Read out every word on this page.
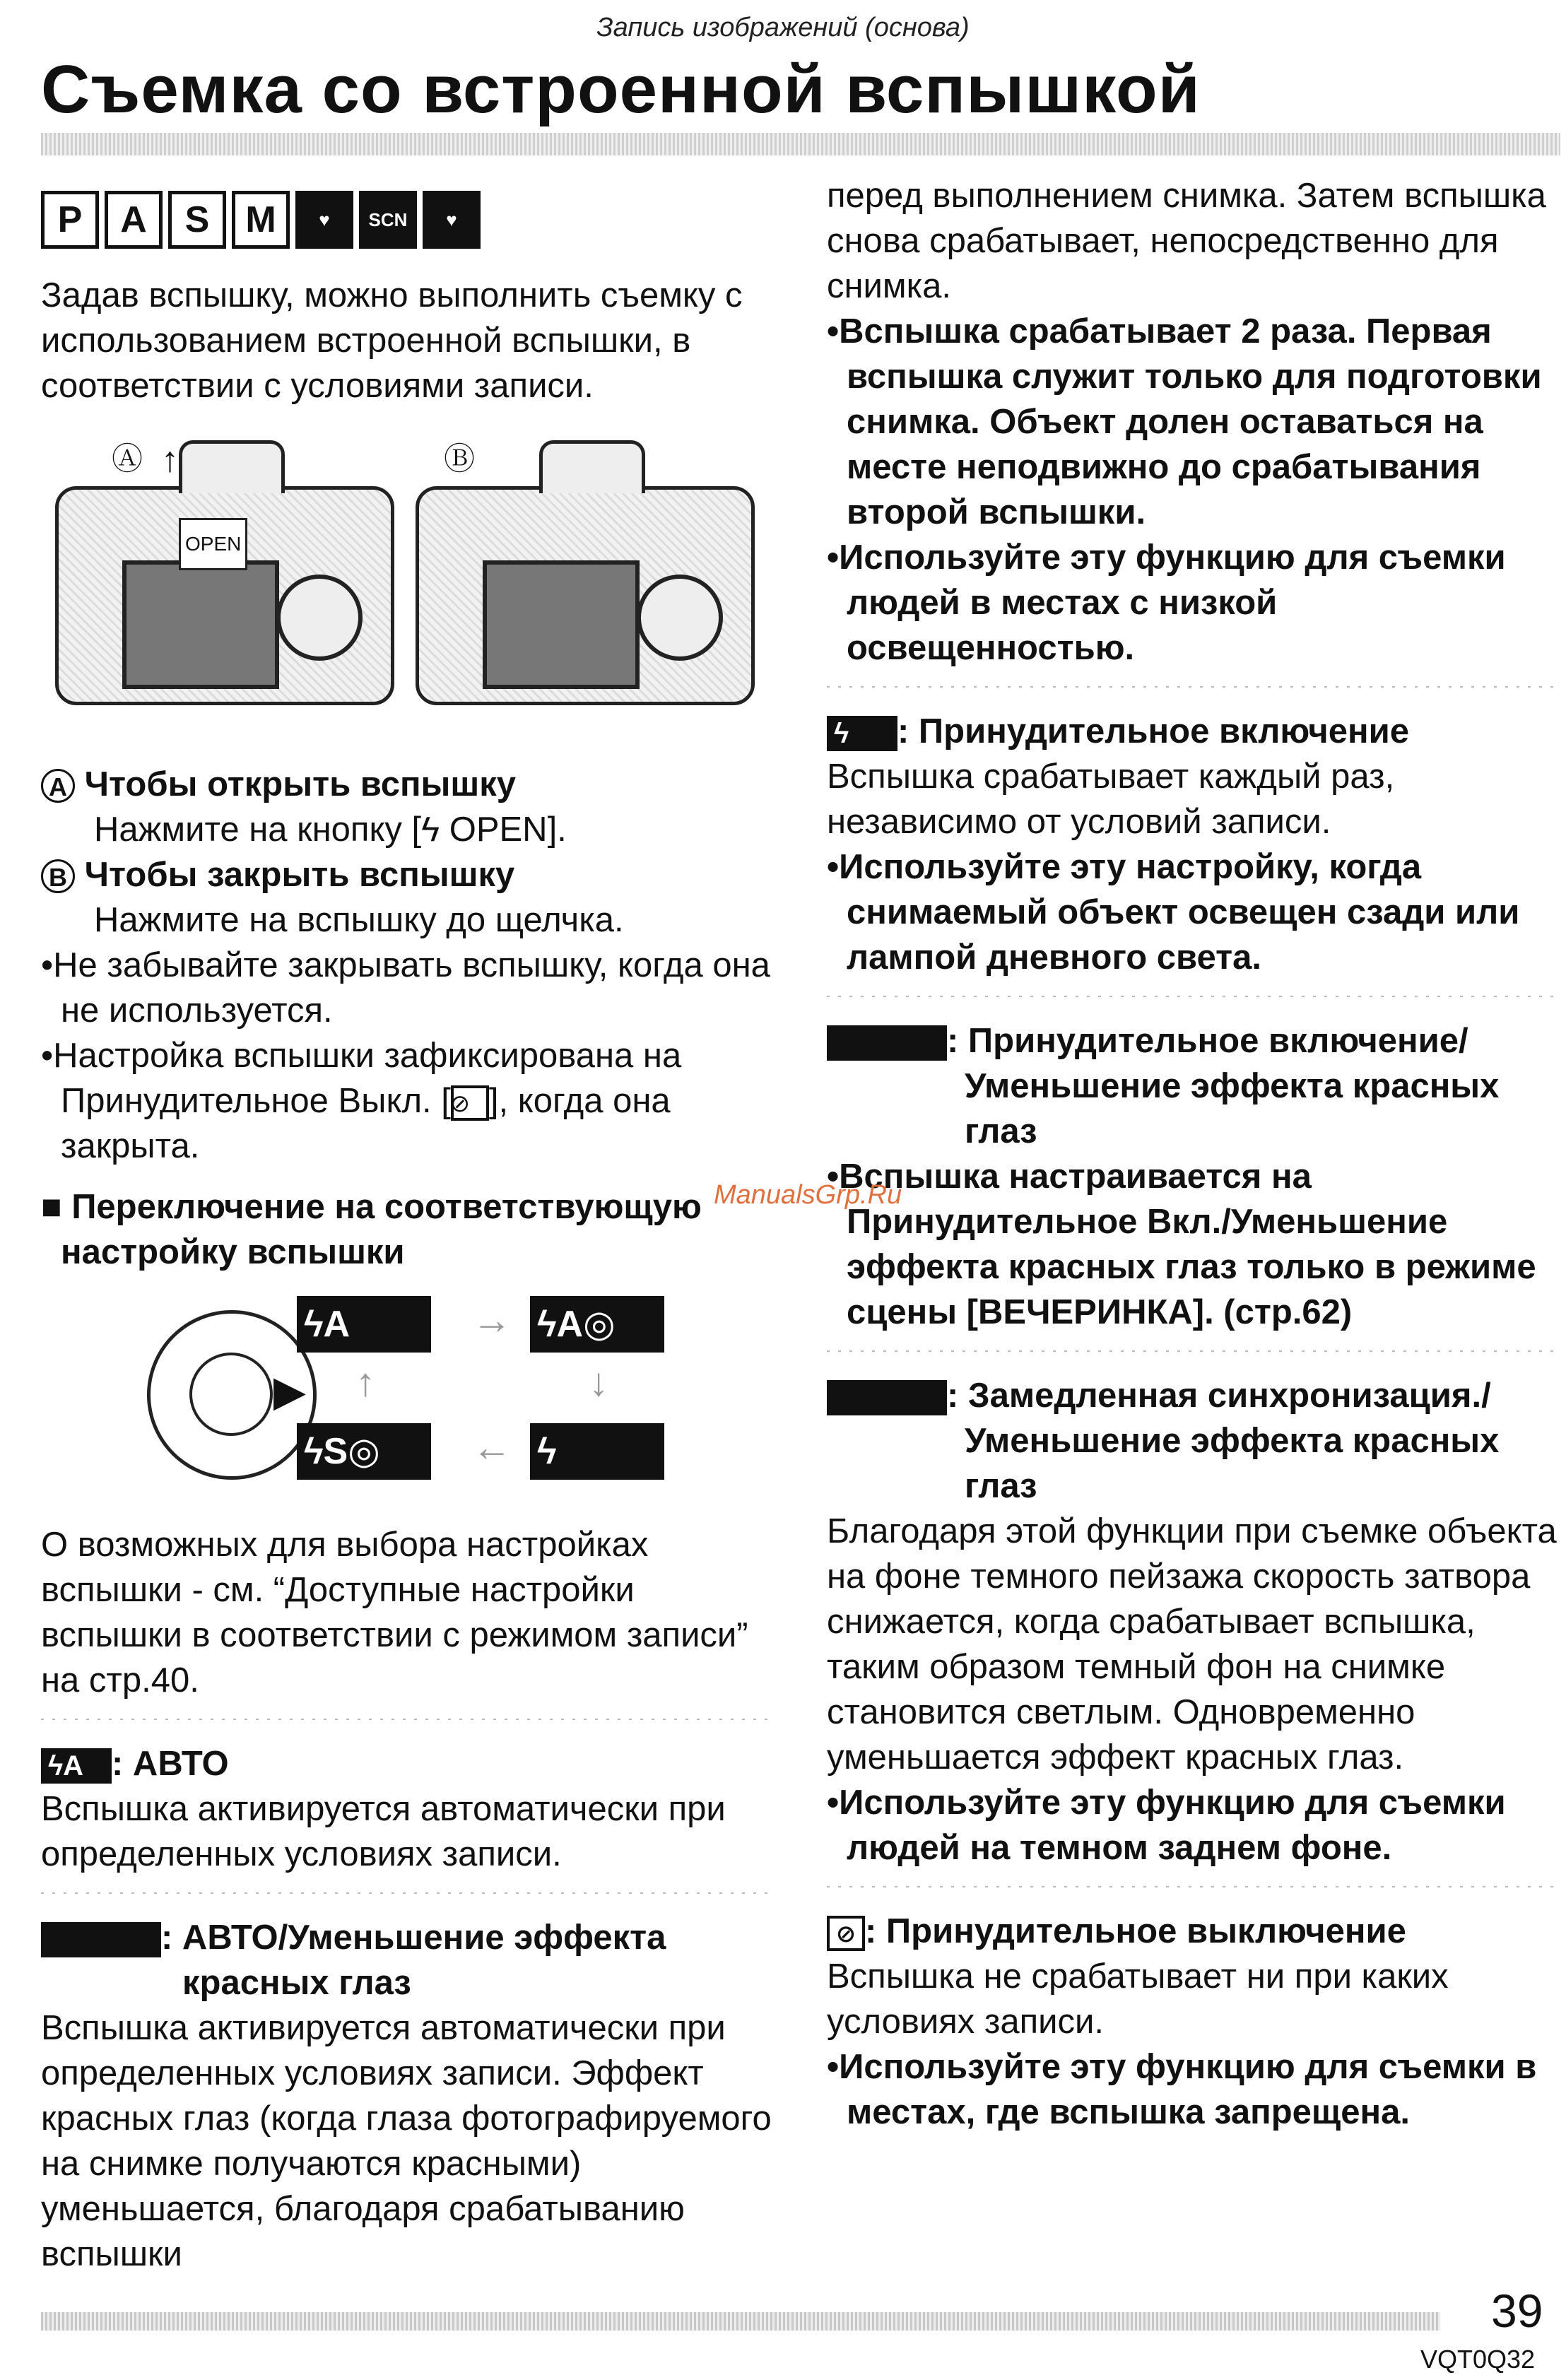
Запись изображений (основа)
Съемка со встроенной вспышкой
P	A	S M	♥	SCN	♥

Задав вспышку, можно выполнить съемку с использованием встроенной вспышки, в соответствии с условиями записи.

Ⓐ ↑
OPEN
Ⓑ

A Чтобы открыть вспышку

Нажмите на кнопку [ϟ OPEN].

B Чтобы закрыть вспышку

Нажмите на вспышку до щелчка.

•Не забывайте закрывать вспышку, когда она не используется.

•Настройка вспышки зафиксирована на Принудительное Выкл. [⊘ ], когда она закрыта.

■ Переключение на соответствующую настройку вспышки

▶
ϟA	→ ϟA◎
↑	↓
ϟS◎	← ϟ

О возможных для выбора настройках вспышки - см. “Доступные настройки вспышки в соответствии с режимом записи” на стр.40.

ϟA : АВТО

Вспышка активируется автоматически при определенных условиях записи.

: АВТО/Уменьшение эффекта красных глаз

Вспышка активируется автоматически при определенных условиях записи. Эффект красных глаз (когда глаза фотографируемого на снимке получаются красными) уменьшается, благодаря срабатыванию вспышки

перед выполнением снимка. Затем вспышка снова срабатывает, непосредственно для снимка.

•Вспышка срабатывает 2 раза. Первая вспышка служит только для подготовки снимка. Объект долен оставаться на месте неподвижно до срабатывания второй вспышки.

•Используйте эту функцию для съемки людей в местах с низкой освещенностью.

ϟ : Принудительное включение

Вспышка срабатывает каждый раз, независимо от условий записи.

•Используйте эту настройку, когда снимаемый объект освещен сзади или лампой дневного света.

ϟ◎	: Принудительное включение/ Уменьшение эффекта красных глаз

•Вспышка настраивается на Принудительное Вкл./Уменьшение эффекта красных глаз только в режиме сцены [ВЕЧЕРИНКА]. (стр.62)

ϟS◎	: Замедленная синхронизация./ Уменьшение эффекта красных глаз

Благодаря этой функции при съемке объекта на фоне темного пейзажа скорость затвора снижается, когда срабатывает вспышка, таким образом темный фон на снимке становится светлым. Одновременно уменьшается эффект красных глаз.

•Используйте эту функцию для съемки людей на темном заднем фоне.

⊘ : Принудительное выключение

Вспышка не срабатывает ни при каких условиях записи.

•Используйте эту функцию для съемки в местах, где вспышка запрещена.

ManualsGrp.Ru
39
VQT0Q32
